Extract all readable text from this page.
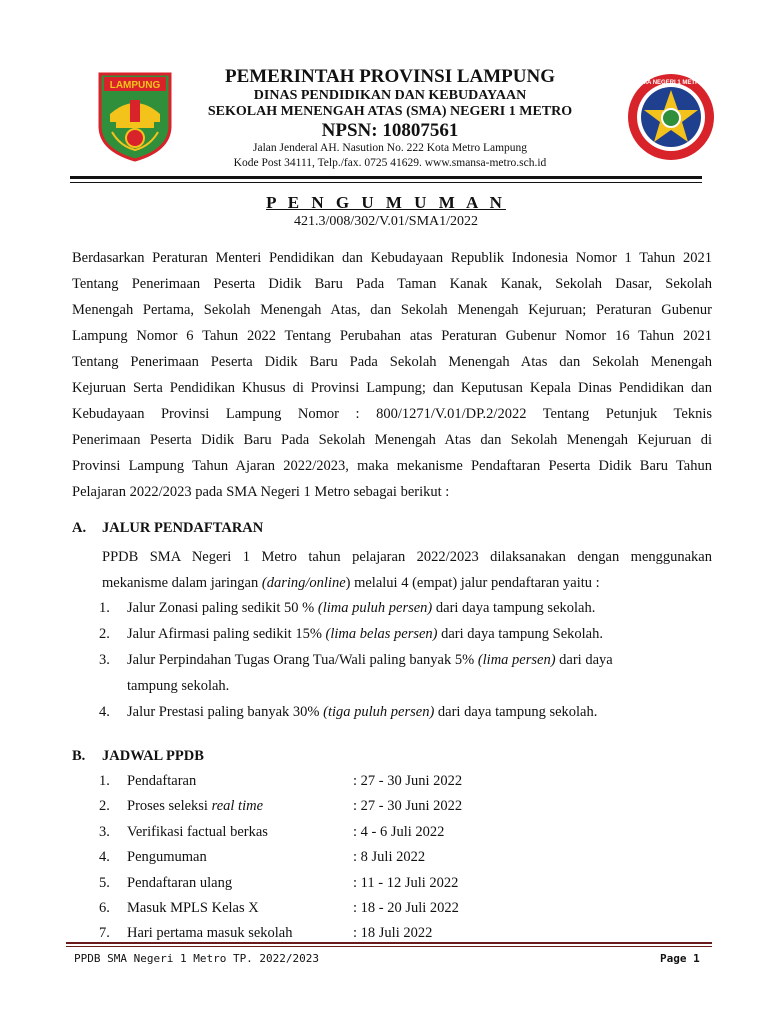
LAMPUNG	SMA NEGERI 1 METRO
PEMERINTAH PROVINSI LAMPUNG
DINAS PENDIDIKAN DAN KEBUDAYAAN
SEKOLAH MENENGAH ATAS (SMA) NEGERI 1 METRO
NPSN: 10807561
Jalan Jenderal AH. Nasution No. 222 Kota Metro Lampung
Kode Post 34111, Telp./fax. 0725 41629. www.smansa-metro.sch.id
P E N G U M U M A N
421.3/008/302/V.01/SMA1/2022
Berdasarkan Peraturan Menteri Pendidikan dan Kebudayaan Republik Indonesia Nomor 1 Tahun 2021
Tentang Penerimaan Peserta Didik Baru Pada Taman Kanak Kanak, Sekolah Dasar, Sekolah
Menengah Pertama, Sekolah Menengah Atas, dan Sekolah Menengah Kejuruan; Peraturan Gubenur
Lampung Nomor 6 Tahun 2022 Tentang Perubahan atas Peraturan Gubenur Nomor 16 Tahun 2021
Tentang Penerimaan Peserta Didik Baru Pada Sekolah Menengah Atas dan Sekolah Menengah
Kejuruan Serta Pendidikan Khusus di Provinsi Lampung; dan Keputusan Kepala Dinas Pendidikan dan
Kebudayaan Provinsi Lampung Nomor : 800/1271/V.01/DP.2/2022 Tentang Petunjuk Teknis
Penerimaan Peserta Didik Baru Pada Sekolah Menengah Atas dan Sekolah Menengah Kejuruan di
Provinsi Lampung Tahun Ajaran 2022/2023, maka mekanisme Pendaftaran Peserta Didik Baru Tahun
Pelajaran 2022/2023 pada SMA Negeri 1 Metro sebagai berikut :
A. JALUR PENDAFTARAN
PPDB SMA Negeri 1 Metro tahun pelajaran 2022/2023 dilaksanakan dengan menggunakan
mekanisme dalam jaringan (daring/online) melalui 4 (empat) jalur pendaftaran yaitu :
1. Jalur Zonasi paling sedikit 50 % (lima puluh persen) dari daya tampung sekolah.
2. Jalur Afirmasi paling sedikit 15% (lima belas persen) dari daya tampung Sekolah.
3. Jalur Perpindahan Tugas Orang Tua/Wali paling banyak 5% (lima persen) dari daya
tampung sekolah.
4. Jalur Prestasi paling banyak 30% (tiga puluh persen) dari daya tampung sekolah.
B. JADWAL PPDB
1. Pendaftaran	: 27 - 30 Juni 2022
2. Proses seleksi real time	: 27 - 30 Juni 2022
3. Verifikasi factual berkas	: 4 - 6 Juli 2022
4. Pengumuman	: 8 Juli 2022
5. Pendaftaran ulang	: 11 - 12 Juli 2022
6. Masuk MPLS Kelas X	: 18 - 20 Juli 2022
7. Hari pertama masuk sekolah	: 18 Juli 2022
PPDB SMA Negeri 1 Metro TP. 2022/2023	Page 1
